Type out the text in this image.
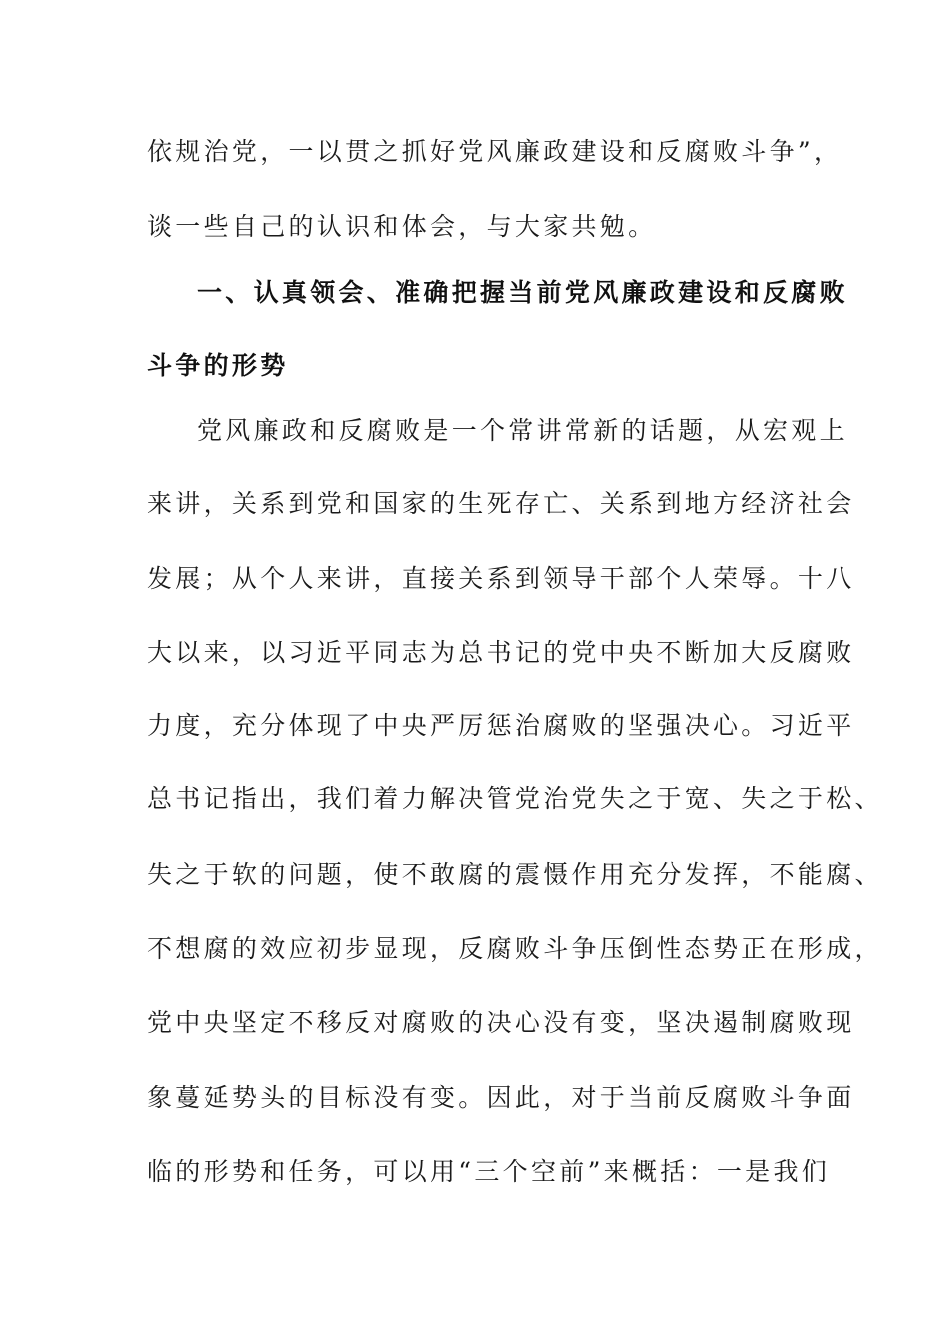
依规治党，一以贯之抓好党风廉政建设和反腐败斗争”，
谈一些自己的认识和体会，与大家共勉。
一、认真领会、准确把握当前党风廉政建设和反腐败
斗争的形势
党风廉政和反腐败是一个常讲常新的话题，从宏观上
来讲，关系到党和国家的生死存亡、关系到地方经济社会
发展；从个人来讲，直接关系到领导干部个人荣辱。十八
大以来，以习近平同志为总书记的党中央不断加大反腐败
力度，充分体现了中央严厉惩治腐败的坚强决心。习近平
总书记指出，我们着力解决管党治党失之于宽、失之于松、
失之于软的问题，使不敢腐的震慑作用充分发挥，不能腐、
不想腐的效应初步显现，反腐败斗争压倒性态势正在形成，
党中央坚定不移反对腐败的决心没有变，坚决遏制腐败现
象蔓延势头的目标没有变。因此，对于当前反腐败斗争面
临的形势和任务，可以用“三个空前”来概括：一是我们
